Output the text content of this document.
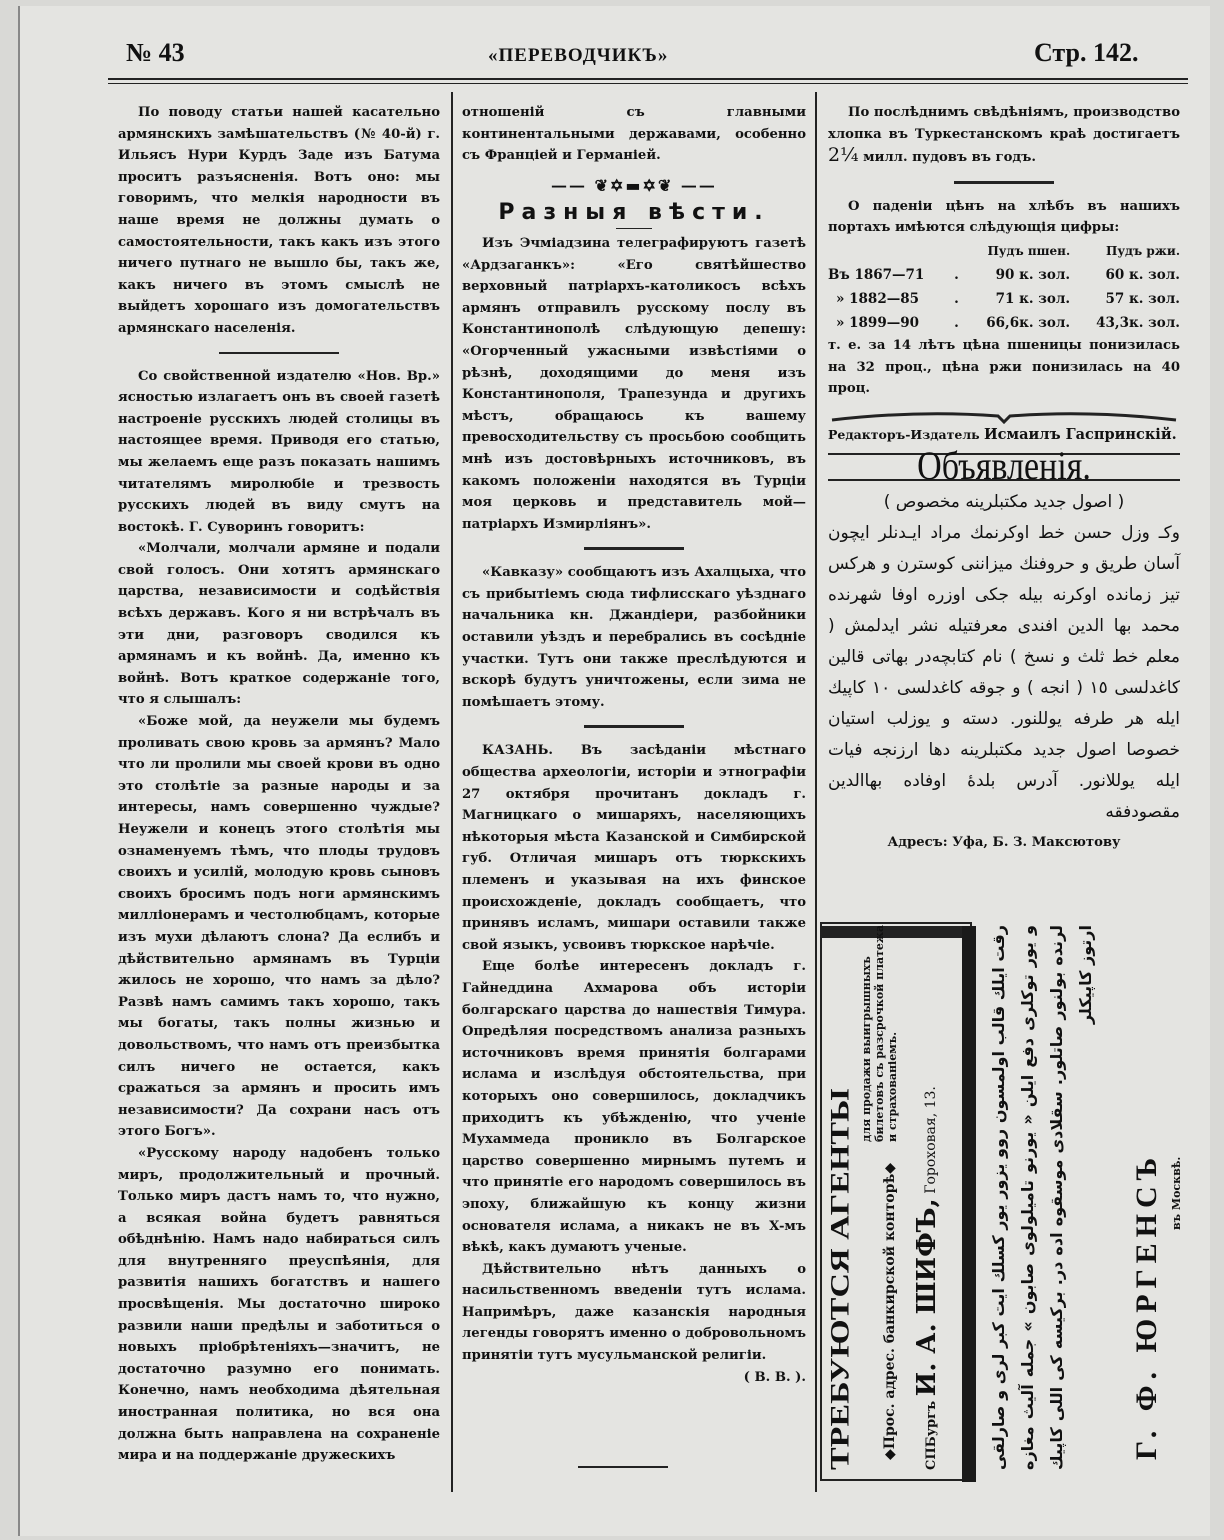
№ 43	«ПЕРЕВОДЧИКЪ»	Стр. 142.

По поводу статьи нашей касательно армянскихъ замѣшательствъ (№ 40-й) г. Ильясъ Нури Курдъ Заде изъ Батума проситъ разъясненія. Вотъ оно: мы говоримъ, что мелкія народности въ наше время не должны думать о самостоятельности, такъ какъ изъ этого ничего путнаго не вышло бы, такъ же, какъ ничего въ этомъ смыслѣ не выйдетъ хорошаго изъ домогательствъ армянскаго населенія.

Со свойственной издателю «Нов. Вр.» ясностью излагаетъ онъ въ своей газетѣ настроеніе русскихъ людей столицы въ настоящее время. Приводя его статью, мы желаемъ еще разъ показать нашимъ читателямъ миролюбіе и трезвость русскихъ людей въ виду смутъ на востокѣ. Г. Суворинъ говоритъ:

«Молчали, молчали армяне и подали свой голосъ. Они хотятъ армянскаго царства, независимости и содѣйствія всѣхъ державъ. Кого я ни встрѣчалъ въ эти дни, разговоръ сводился къ армянамъ и къ войнѣ. Да, именно къ войнѣ. Вотъ краткое содержаніе того, что я слышалъ:

«Боже мой, да неужели мы будемъ проливать свою кровь за армянъ? Мало что ли пролили мы своей крови въ одно это столѣтіе за разные народы и за интересы, намъ совершенно чуждые? Неужели и конецъ этого столѣтія мы ознаменуемъ тѣмъ, что плоды трудовъ своихъ и усилій, молодую кровь сыновъ своихъ бросимъ подъ ноги армянскимъ милліонерамъ и честолюбцамъ, которые изъ мухи дѣлаютъ слона? Да еслибъ и дѣйствительно армянамъ въ Турціи жилось не хорошо, что намъ за дѣло? Развѣ намъ самимъ такъ хорошо, такъ мы богаты, такъ полны жизнью и довольствомъ, что намъ отъ преизбытка силъ ничего не остается, какъ сражаться за армянъ и просить имъ независимости? Да сохрани насъ отъ этого Богъ».

«Русскому народу надобенъ только миръ, продолжительный и прочный. Только миръ дастъ намъ то, что нужно, а всякая война будетъ равняться обѣднѣнію. Намъ надо набираться силъ для внутренняго преуспѣянія, для развитія нашихъ богатствъ и нашего просвѣщенія. Мы достаточно широко развили наши предѣлы и заботиться о новыхъ пріобрѣтеніяхъ—значитъ, не достаточно разумно его понимать. Конечно, намъ необходима дѣятельная иностранная политика, но вся она должна быть направлена на сохраненіе мира и на поддержаніе дружескихъ

отношеній съ главными континентальными державами, особенно съ Франціей и Германіей.
—— ❦✡▬✡❦ ——
Разныя вѣсти.

Изъ Эчміадзина телеграфируютъ газетѣ «Ардзаганкъ»: «Его святѣйшество верховный патріархъ-католикосъ всѣхъ армянъ отправилъ русскому послу въ Константинополѣ слѣдующую депешу: «Огорченный ужасными извѣстіями о рѣзнѣ, доходящими до меня изъ Константинополя, Трапезунда и другихъ мѣстъ, обращаюсь къ вашему превосходительству съ просьбою сообщить мнѣ изъ достовѣрныхъ источниковъ, въ какомъ положеніи находятся въ Турціи моя церковь и представитель мой—патріархъ Измирліянъ».

«Кавказу» сообщаютъ изъ Ахалцыха, что съ прибытіемъ сюда тифлисскаго уѣзднаго начальника кн. Джандіери, разбойники оставили уѣздъ и перебрались въ сосѣдніе участки. Тутъ они также преслѣдуются и вскорѣ будутъ уничтожены, если зима не помѣшаетъ этому.

КАЗАНЬ. Въ засѣданіи мѣстнаго общества археологіи, исторіи и этнографіи 27 октября прочитанъ докладъ г. Магницкаго о мишаряхъ, населяющихъ нѣкоторыя мѣста Казанской и Симбирской губ. Отличая мишаръ отъ тюркскихъ племенъ и указывая на ихъ финское происхожденіе, докладъ сообщаетъ, что принявъ исламъ, мишари оставили также свой языкъ, усвоивъ тюркское нарѣчіе.

Еще болѣе интересенъ докладъ г. Гайнеддина Ахмарова объ исторіи болгарскаго царства до нашествія Тимура. Опредѣляя посредствомъ анализа разныхъ источниковъ время принятія болгарами ислама и изслѣдуя обстоятельства, при которыхъ оно совершилось, докладчикъ приходитъ къ убѣжденію, что ученіе Мухаммеда проникло въ Болгарское царство совершенно мирнымъ путемъ и что принятіе его народомъ совершилось въ эпоху, ближайшую къ концу жизни основателя ислама, а никакъ не въ X-мъ вѣкѣ, какъ думаютъ ученые.

Дѣйствительно нѣтъ данныхъ о насильственномъ введеніи тутъ ислама. Напримѣръ, даже казанскія народныя легенды говорятъ именно о добровольномъ принятіи тутъ мусульманской религіи.

( В. В. ).

По послѣднимъ свѣдѣніямъ, производство хлопка въ Туркестанскомъ краѣ достигаетъ 2¼ милл. пудовъ въ годъ.

О паденіи цѣнъ на хлѣбъ въ нашихъ портахъ имѣются слѣдующія цифры:

		Пудъ пшен.	Пудъ ржи.
Въ 1867—71	.	90 к. зол.	60 к. зол.
» 1882—85	.	71 к. зол.	57 к. зол.
» 1899—90	.	66,6к. зол.	43,3к. зол.

т. е. за 14 лѣтъ цѣна пшеницы понизилась на 32 проц., цѣна ржи понизилась на 40 проц.

Редакторъ-Издатель Исмаилъ Гаспринскій.
Объявленія.
( اصول جديد مكتبلرينه مخصوص )
وكـ وزل حسن خط اوكرنمك مراد ايـدنلر ايچون آسان طريق و حروفنك ميزاننى كوسترن و هركس تيز زمانده اوكرنه بيله جكى اوزره اوفا شهرنده محمد بها الدين افندى معرفتيله نشر ايدلمش ( معلم خط ثلث و نسخ ) نام كتابچه‌در بهاتى قالين كاغدلسى ١٥ ( انجه ) و جوقه كاغدلسى ١٠ كاپيك ايله هر طرفه يوللنور. دسته و يوزلب استيان خصوصا اصول جديد مكتبلرينه دها ارزنجه فيات ايله يوللانور. آدرس بلدهٔ اوفاده بهاالدين مقصودفقه
Адресъ: Уфа, Б. З. Максютову
ТРЕБУЮТСЯ АГЕНТЫ
для продажи выигрышныхъ билетовъ съ разсрочкой платежа и страхованіемъ.
◆Прос. адрес. банкирской конторѣ◆
СПБургъ И. А. ШИФЪ, Гороховая, 13.	رقت ايلك قالب اولمسون روو يزور يور كسلك ايت كبر لرى و صارلقى و يور توكلرى دفع ايلن « يورنو تاميلولوى صابون » جمله آليث مغازه لرنده بولنور صاتلور. سقلادى موسقوه اده در. بركيسه كى اللى كاپيك ارتوز كاپيكلر
Г. Ф. ЮРГЕНСЪ въ Москвѣ.
